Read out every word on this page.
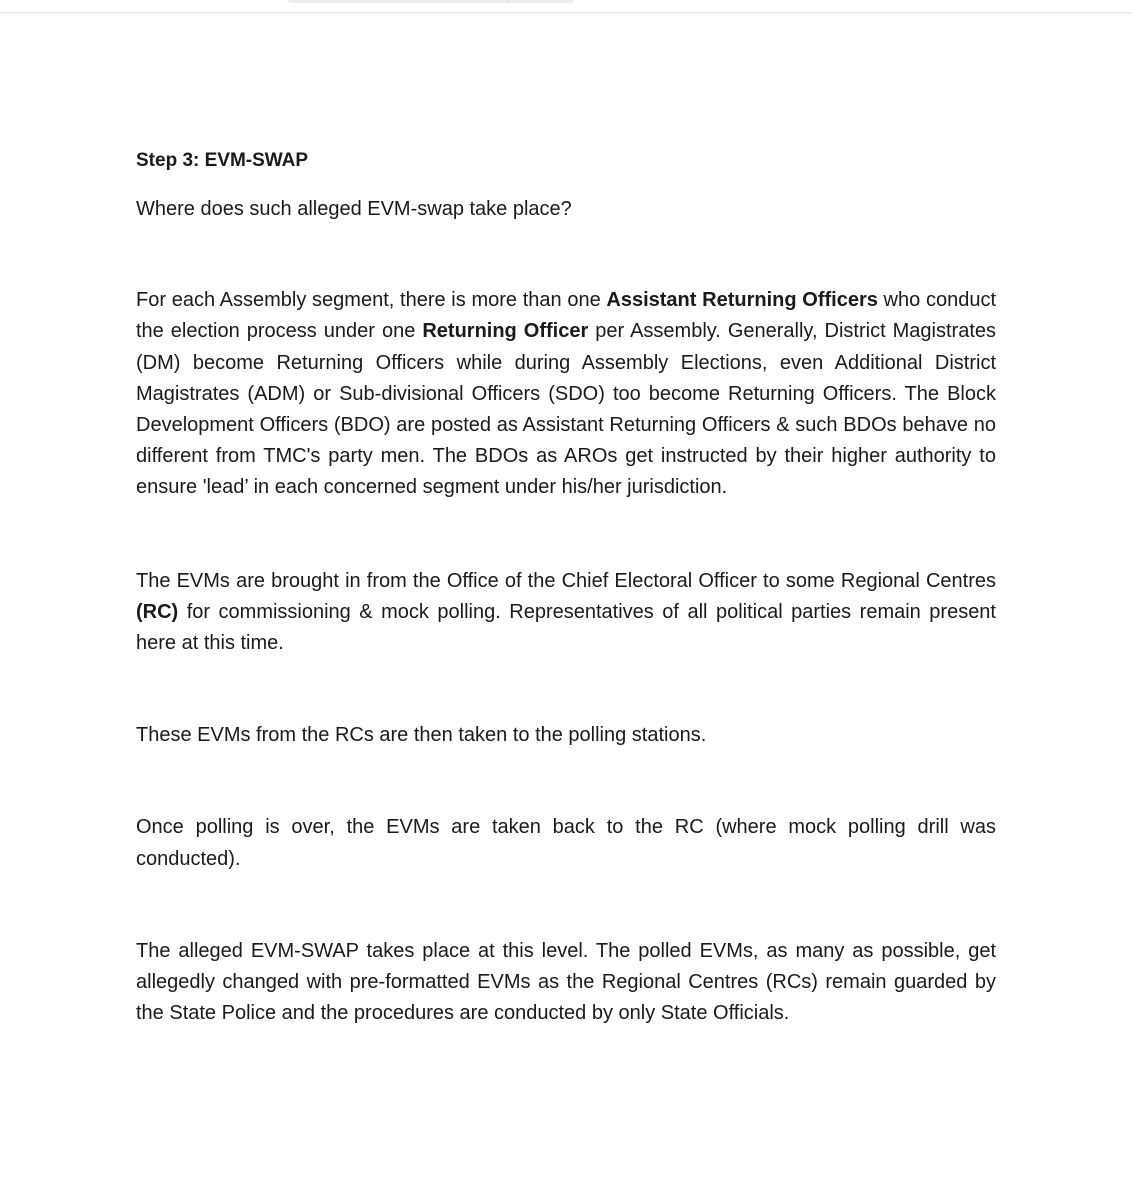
Step 3: EVM-SWAP

Where does such alleged EVM-swap take place?

For each Assembly segment, there is more than one Assistant Returning Officers who conduct the election process under one Returning Officer per Assembly. Generally, District Magistrates (DM) become Returning Officers while during Assembly Elections, even Additional District Magistrates (ADM) or Sub-divisional Officers (SDO) too become Returning Officers. The Block Development Officers (BDO) are posted as Assistant Returning Officers & such BDOs behave no different from TMC's party men. The BDOs as AROs get instructed by their higher authority to ensure 'lead’ in each concerned segment under his/her jurisdiction.

The EVMs are brought in from the Office of the Chief Electoral Officer to some Regional Centres (RC) for commissioning & mock polling. Representatives of all political parties remain present here at this time.

These EVMs from the RCs are then taken to the polling stations.

Once polling is over, the EVMs are taken back to the RC (where mock polling drill was conducted).

The alleged EVM-SWAP takes place at this level. The polled EVMs, as many as possible, get allegedly changed with pre-formatted EVMs as the Regional Centres (RCs) remain guarded by the State Police and the procedures are conducted by only State Officials.
